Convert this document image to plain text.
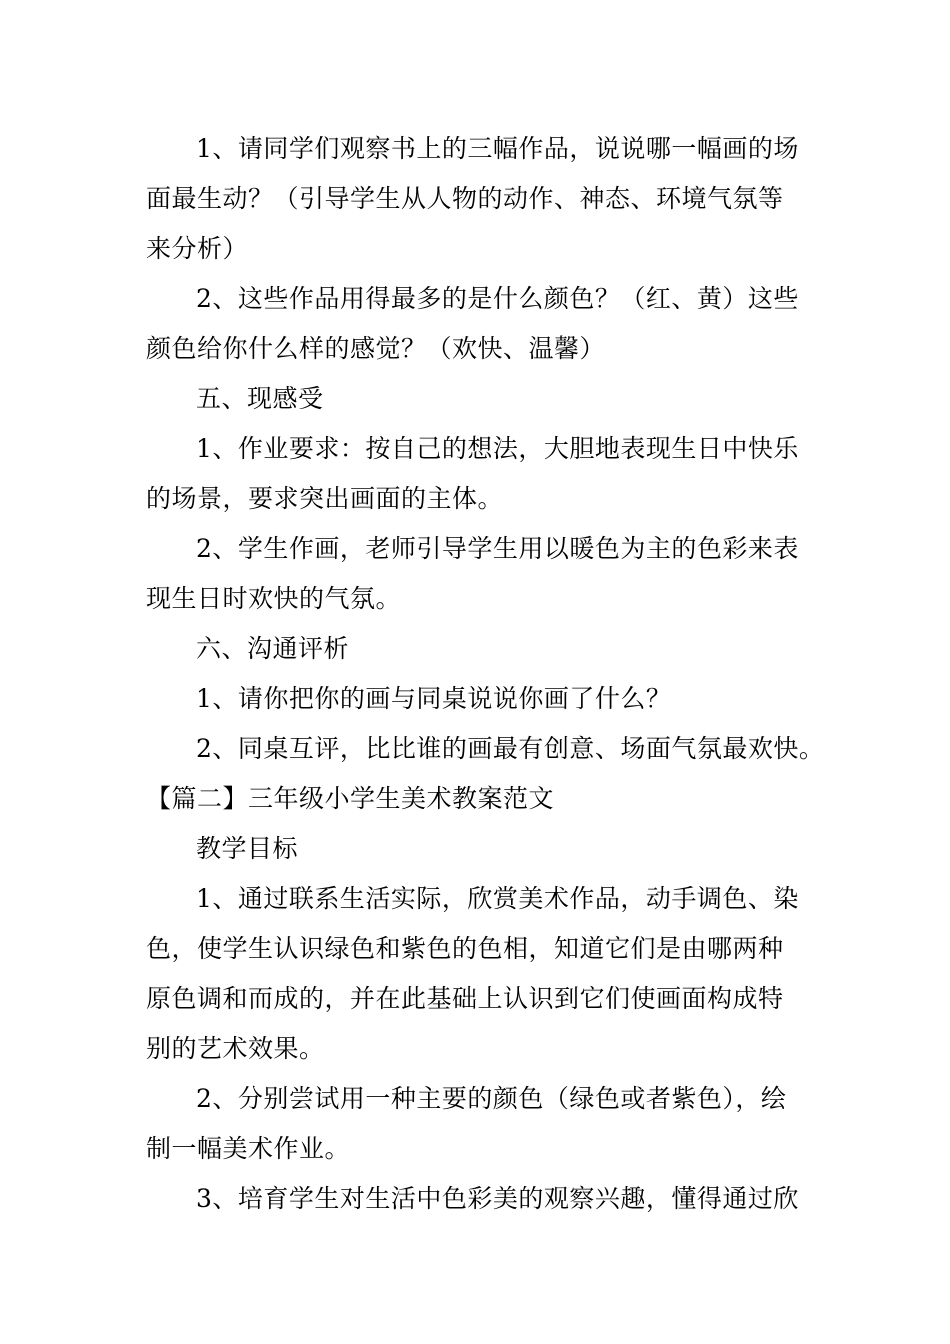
1、请同学们观察书上的三幅作品，说说哪一幅画的场
面最生动？（引导学生从人物的动作、神态、环境气氛等
来分析）
2、这些作品用得最多的是什么颜色？（红、黄）这些
颜色给你什么样的感觉？（欢快、温馨）
五、现感受
1、作业要求：按自己的想法，大胆地表现生日中快乐
的场景，要求突出画面的主体。
2、学生作画，老师引导学生用以暖色为主的色彩来表
现生日时欢快的气氛。
六、沟通评析
1、请你把你的画与同桌说说你画了什么？
2、同桌互评，比比谁的画最有创意、场面气氛最欢快。
【篇二】三年级小学生美术教案范文
教学目标
1、通过联系生活实际，欣赏美术作品，动手调色、染
色，使学生认识绿色和紫色的色相，知道它们是由哪两种
原色调和而成的，并在此基础上认识到它们使画面构成特
别的艺术效果。
2、分别尝试用一种主要的颜色（绿色或者紫色），绘
制一幅美术作业。
3、培育学生对生活中色彩美的观察兴趣，懂得通过欣
